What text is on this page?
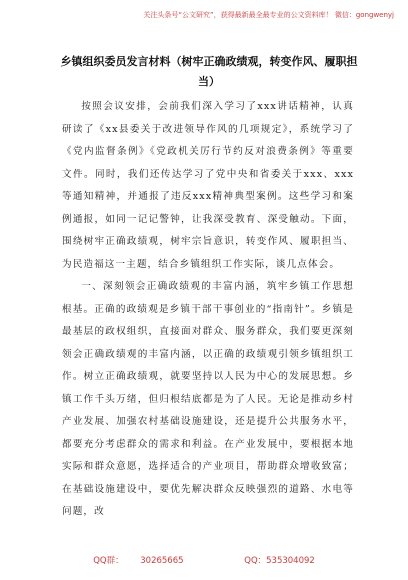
关注头条号“公文研究”，获得最新最全最专业的公文资料库！ 微信：gongwenyj
乡镇组织委员发言材料（树牢正确政绩观，转变作风、履职担当）

按照会议安排，会前我们深入学习了xxx讲话精神，认真研读了《xx县委关于改进领导作风的几项规定》，系统学习了《党内监督条例》《党政机关厉行节约反对浪费条例》等重要文件。同时，我们还传达学习了党中央和省委关于xxx、xxx等通知精神，并通报了违反xxx精神典型案例。这些学习和案例通报，如同一记记警钟，让我深受教育、深受触动。下面，围绕树牢正确政绩观，树牢宗旨意识，转变作风、履职担当、为民造福这一主题，结合乡镇组织工作实际，谈几点体会。

一、深刻领会正确政绩观的丰富内涵，筑牢乡镇工作思想根基。正确的政绩观是乡镇干部干事创业的“指南针”。乡镇是最基层的政权组织，直接面对群众、服务群众，我们要更深刻领会正确政绩观的丰富内涵，以正确的政绩观引领乡镇组织工作。树立正确政绩观，就要坚持以人民为中心的发展思想。乡镇工作千头万绪，但归根结底都是为了人民。无论是推动乡村产业发展、加强农村基础设施建设，还是提升公共服务水平，都要充分考虑群众的需求和利益。在产业发展中，要根据本地实际和群众意愿，选择适合的产业项目，帮助群众增收致富；在基础设施建设中，要优先解决群众反映强烈的道路、水电等问题，改

QQ群： 30265665	QQ：535304092
